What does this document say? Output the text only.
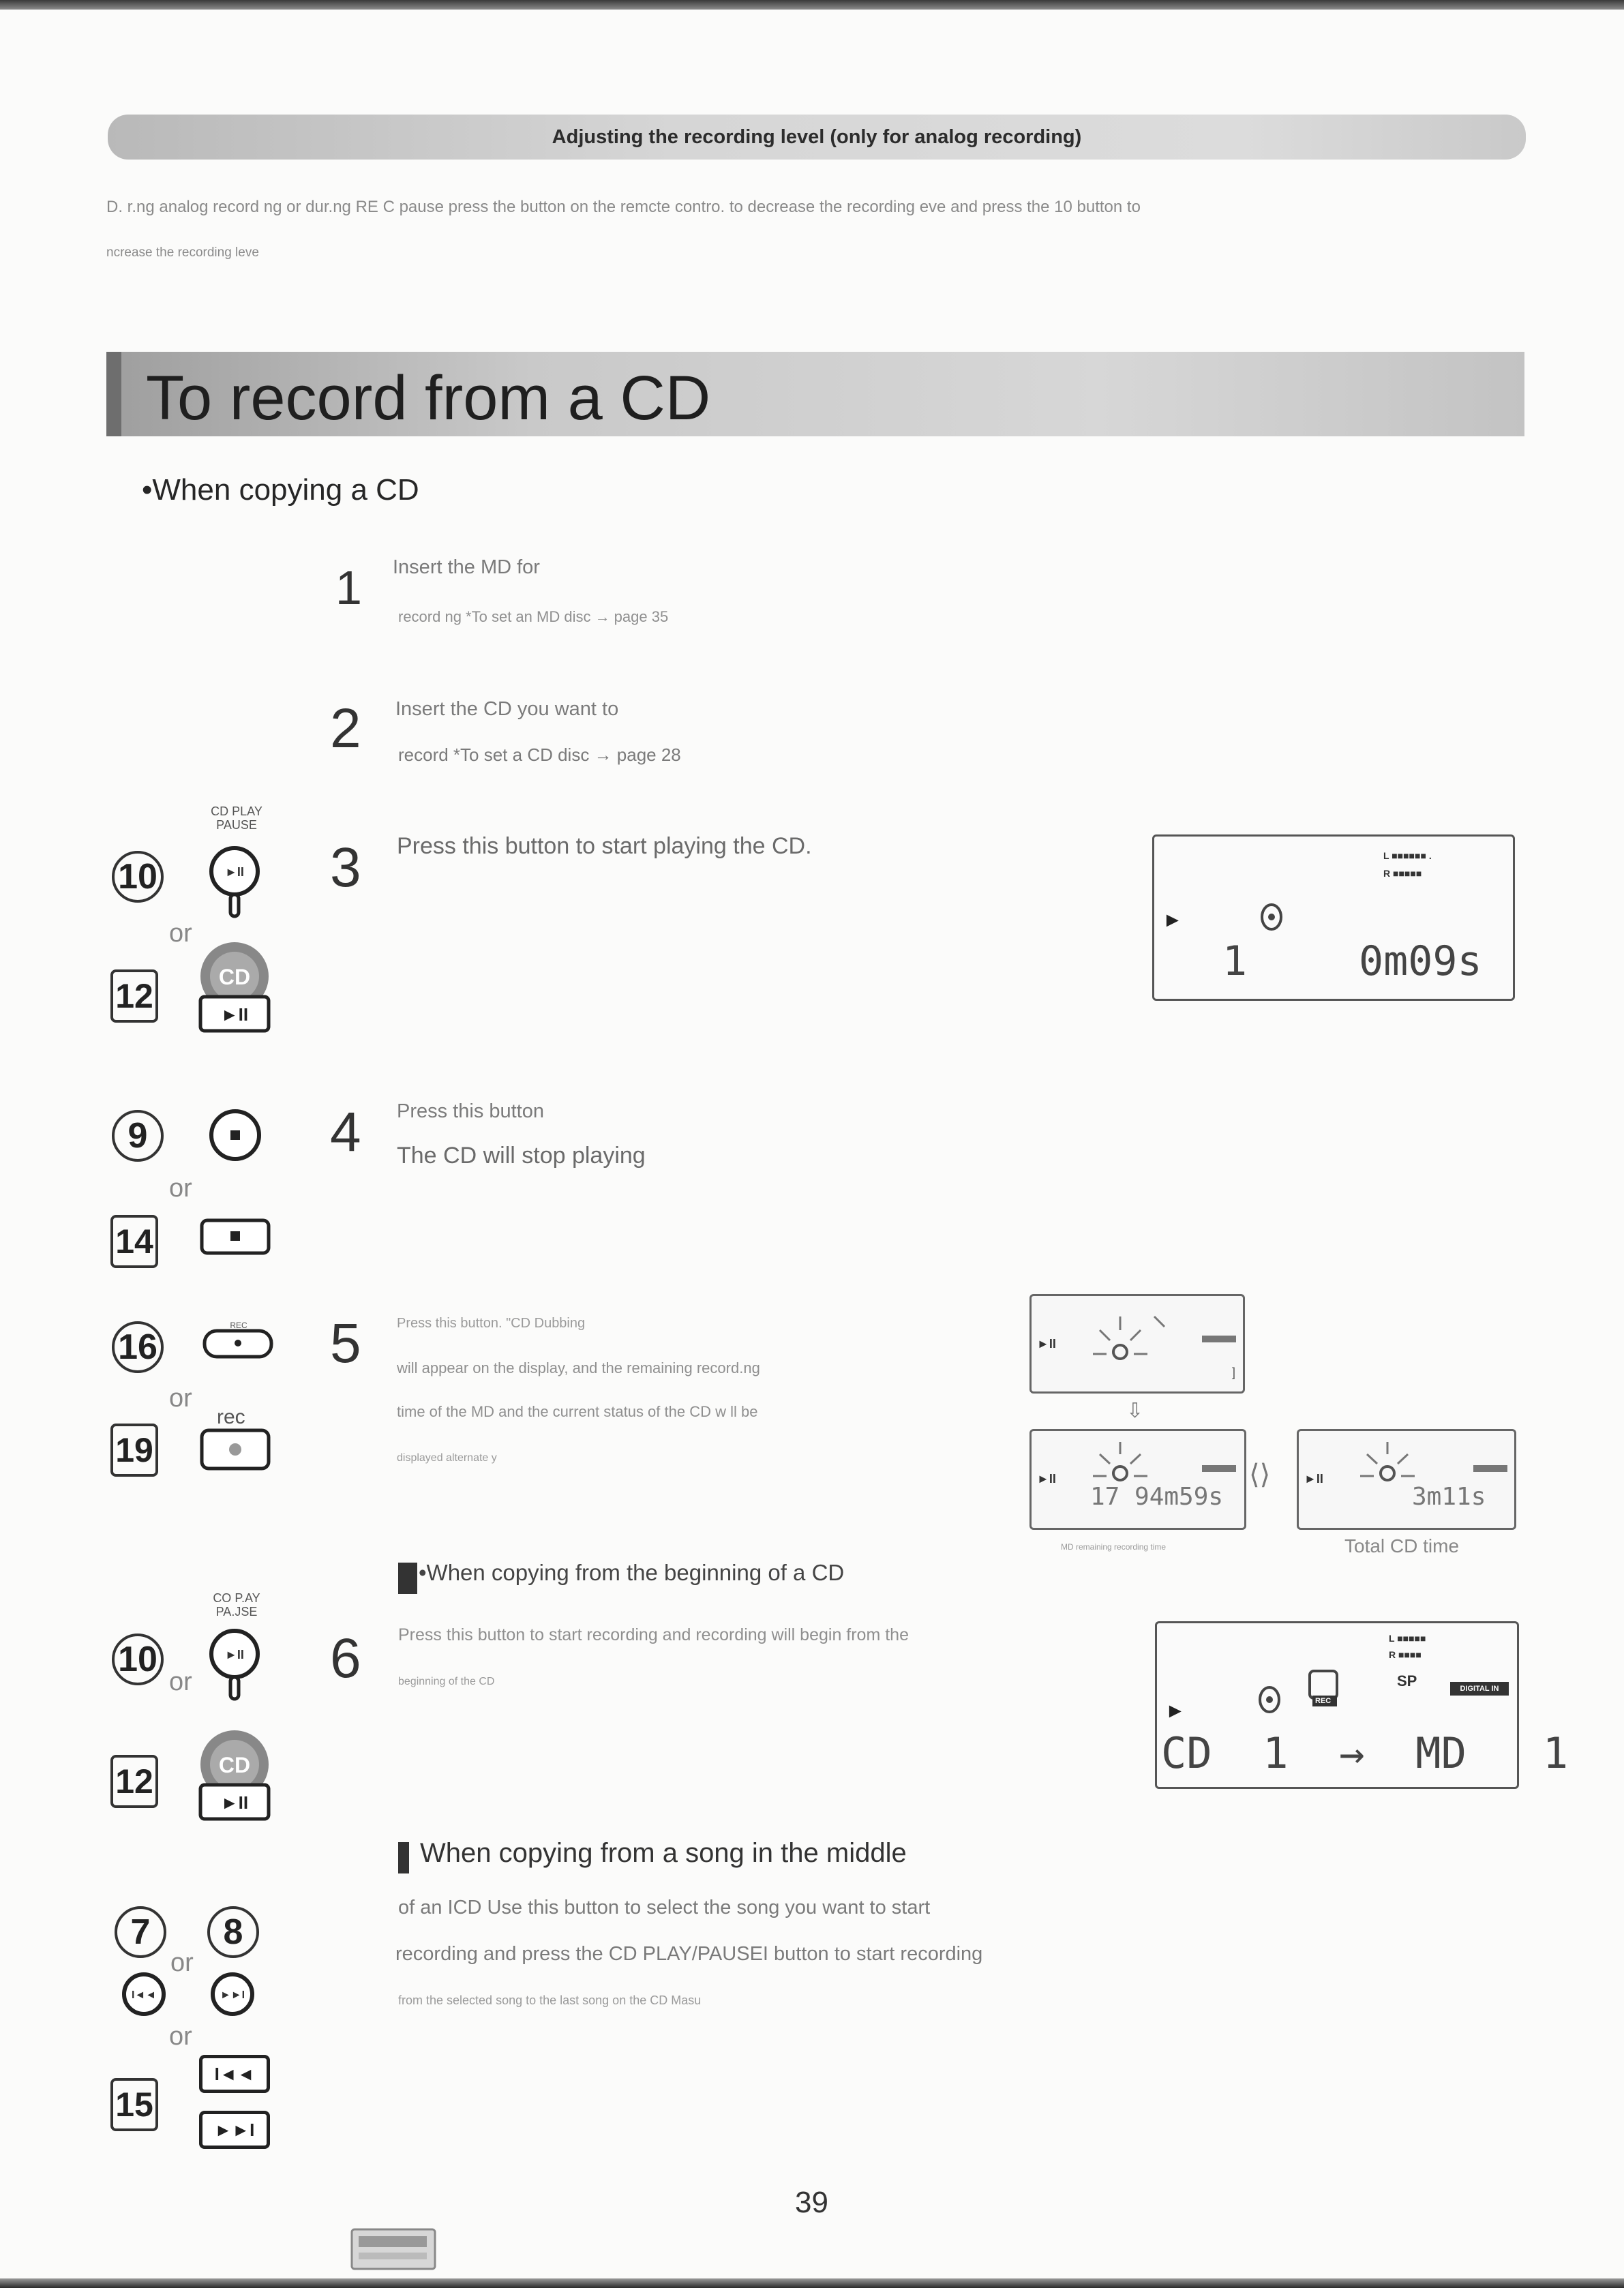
Adjusting the recording level (only for analog recording)
D. r.ng analog record ng or dur.ng RE C pause press the button on the remcte contro. to decrease the recording eve and press the 10 button to
ncrease the recording leve
To record from a CD
•When copying a CD
1 Insert the MD for
record ng *To set an MD disc → page 35
2 Insert the CD you want to
record *To set a CD disc → page 28
CD PLAY
PAUSE
10	►II
or
12	CD
►II
3 Press this button to start playing the CD.	L ■■■■■■ .
R ■■■■■
►
1	0m09s
9
or
14
4 Press this button
The CD will stop playing
16
REC
or
19
rec
5	Press this button. "CD Dubbing
will appear on the display, and the remaining record.ng
time of the MD and the current status of the CD w ll be
displayed alternate y
►II
]
⇩
►II
17 94m59s
⟨⟩	►II
3m11s
MD remaining recording time	Total CD time
•When copying from the beginning of a CD
CO P.AY
PA.JSE
10	►II
or
12	CD
►II
6 Press this button to start recording and recording will begin from the
beginning of the CD
L ■■■■■
R ■■■■
SP	DIGITAL IN
►	REC
CD  1  →  MD   1
When copying from a song in the middle
of an ICD Use this button to select the song you want to start
recording and press the CD PLAY/PAUSEI button to start recording
from the selected song to the last song on the CD Masu
7	8
or
I◄◄	►►I
or
15
I◄◄
►►I
39
